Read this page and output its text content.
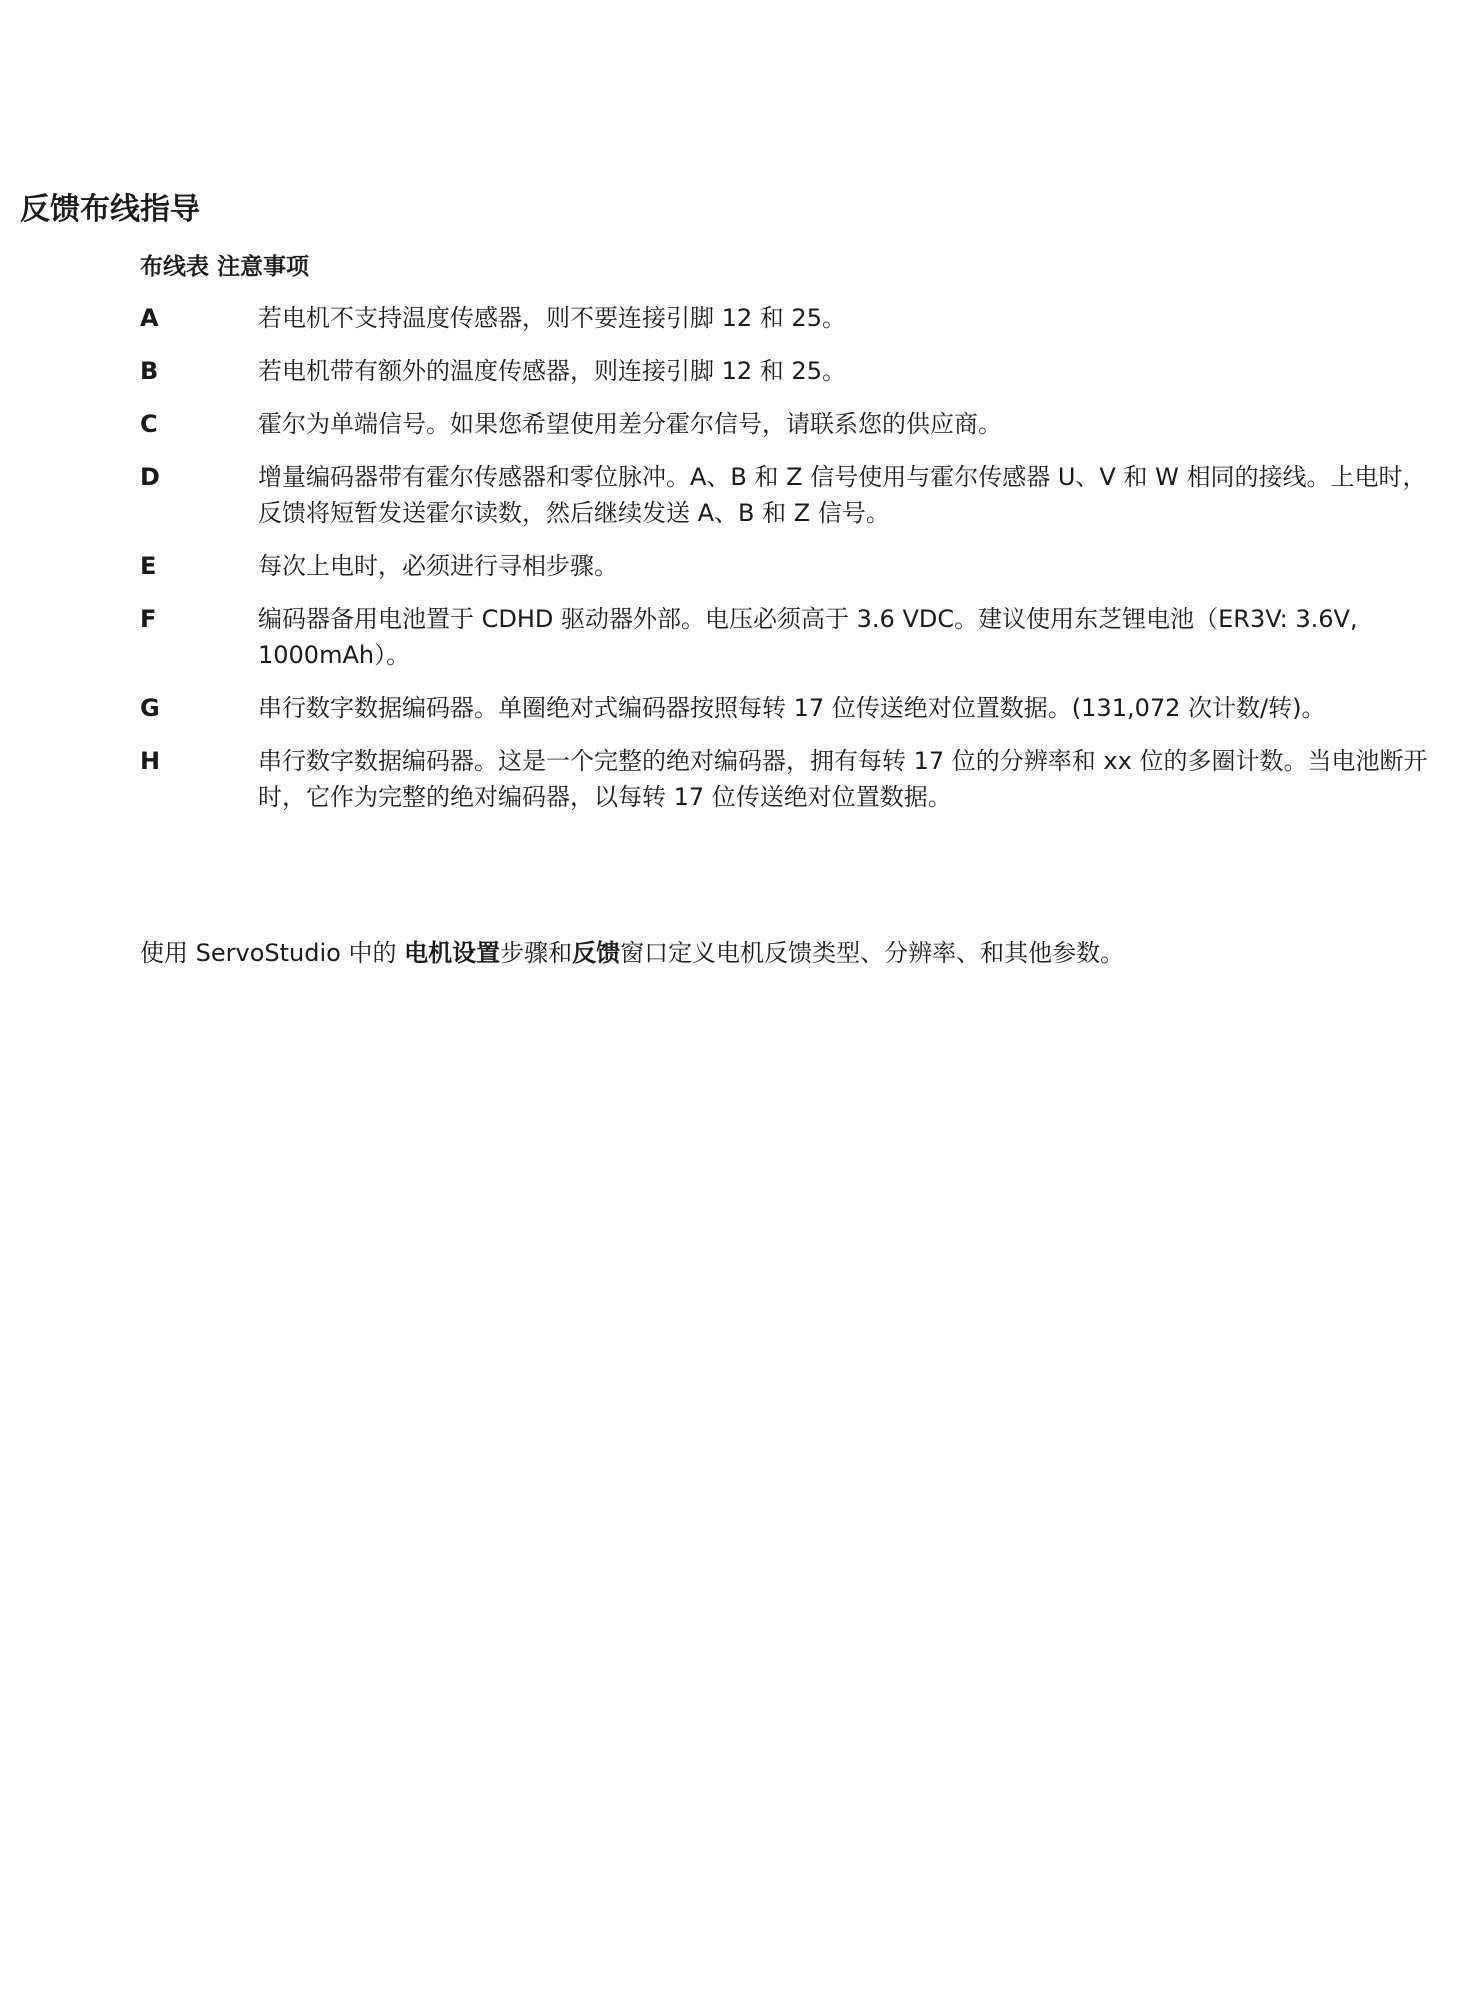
反馈布线指导
布线表 注意事项
A	若电机不支持温度传感器，则不要连接引脚 12 和 25。
B	若电机带有额外的温度传感器，则连接引脚 12 和 25。
C	霍尔为单端信号。如果您希望使用差分霍尔信号，请联系您的供应商。
D	增量编码器带有霍尔传感器和零位脉冲。A、B 和 Z 信号使用与霍尔传感器 U、V 和 W 相同的接线。上电时，反馈将短暂发送霍尔读数，然后继续发送 A、B 和 Z 信号。
E	每次上电时，必须进行寻相步骤。
F	编码器备用电池置于 CDHD 驱动器外部。电压必须高于 3.6 VDC。建议使用东芝锂电池（ER3V: 3.6V, 1000mAh）。
G	串行数字数据编码器。单圈绝对式编码器按照每转 17 位传送绝对位置数据。(131,072 次计数/转)。
H	串行数字数据编码器。这是一个完整的绝对编码器，拥有每转 17 位的分辨率和 xx 位的多圈计数。当电池断开时，它作为完整的绝对编码器，以每转 17 位传送绝对位置数据。
使用 ServoStudio 中的 电机设置步骤和反馈窗口定义电机反馈类型、分辨率、和其他参数。
